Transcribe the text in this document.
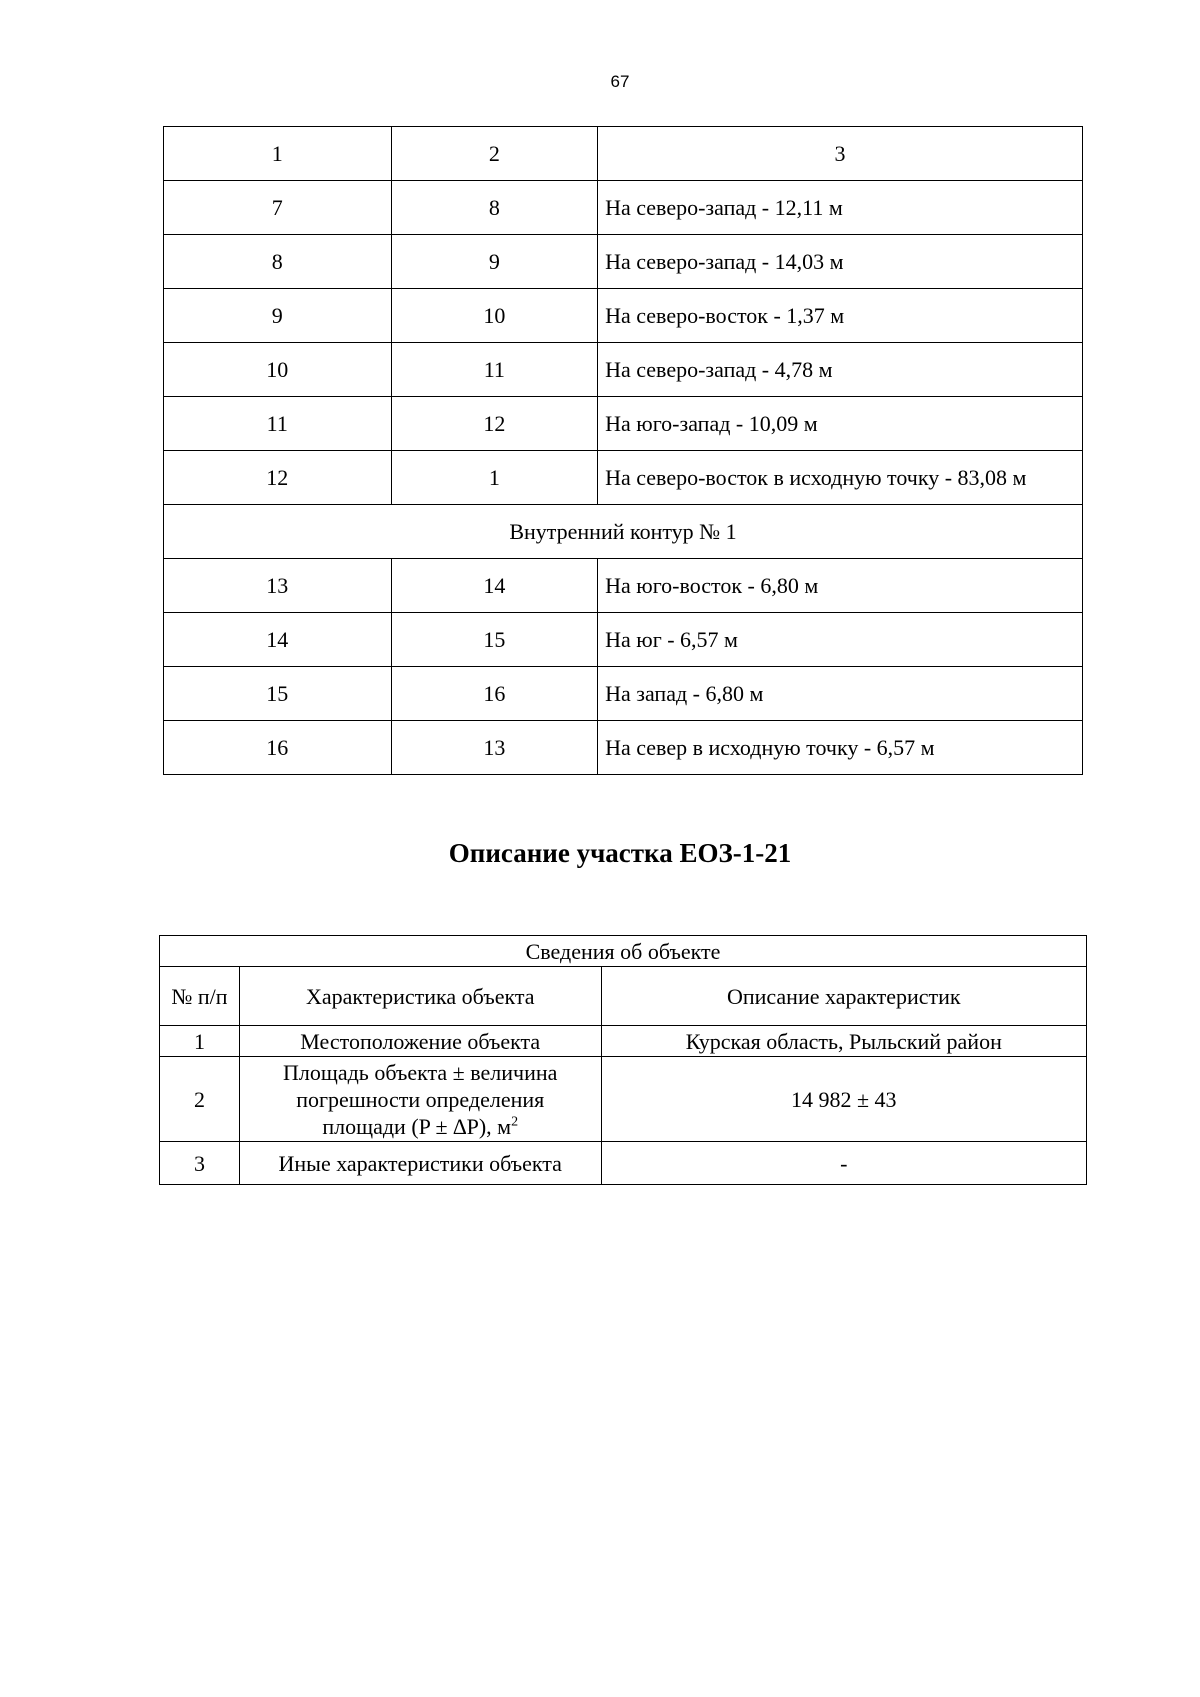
67
1	2	3
7	8	На северо-запад - 12,11 м
8	9	На северо-запад - 14,03 м
9	10	На северо-восток - 1,37 м
10	11	На северо-запад - 4,78 м
11	12	На юго-запад - 10,09 м
12	1	На северо-восток в исходную точку - 83,08 м
Внутренний контур № 1		
13	14	На юго-восток - 6,80 м
14	15	На юг - 6,57 м
15	16	На запад - 6,80 м
16	13	На север в исходную точку - 6,57 м
Описание участка ЕОЗ-1-21
Сведения об объекте		
№ п/п	Характеристика объекта	Описание характеристик
1	Местоположение объекта	Курская область, Рыльский район
2	Площадь объекта ± величина
погрешности определения
площади (P ± ∆P), $м^2$	14 982 ± 43
3	Иные характеристики объекта	-
